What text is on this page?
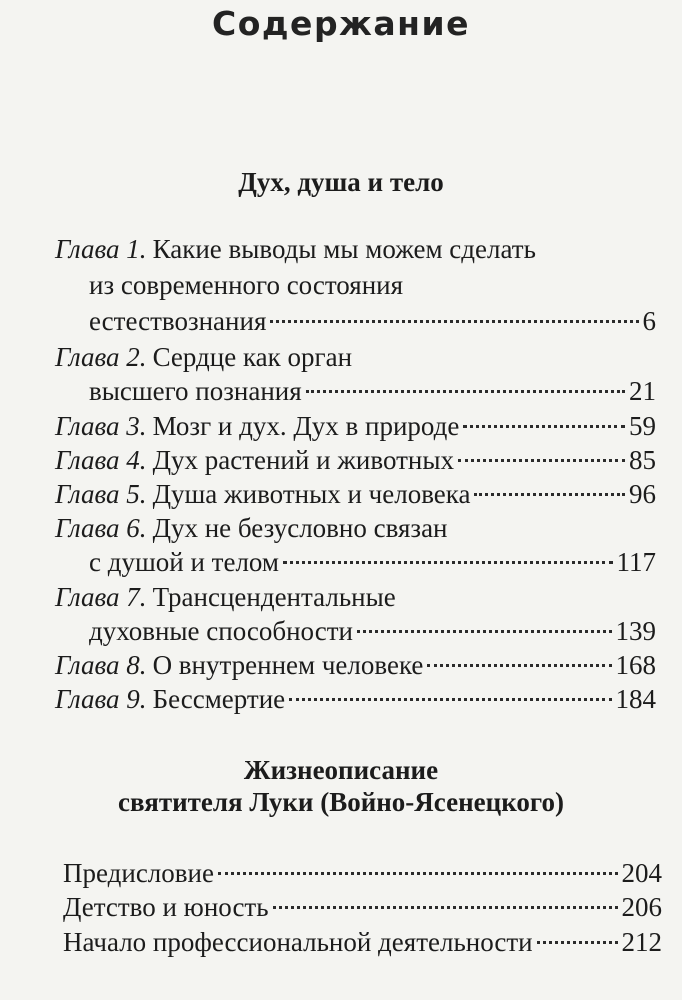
Содержание
Дух, душа и тело
Глава 1. Какие выводы мы можем сделать
из современного состояния
естествознания	6
Глава 2. Сердце как орган
высшего познания	21
Глава 3. Мозг и дух. Дух в природе	59
Глава 4. Дух растений и животных	85
Глава 5. Душа животных и человека	96
Глава 6. Дух не безусловно связан
с душой и телом	117
Глава 7. Трансцендентальные
духовные способности	139
Глава 8. О внутреннем человеке	168
Глава 9. Бессмертие	184
Жизнеописание
святителя Луки (Войно-Ясенецкого)
Предисловие	204
Детство и юность	206
Начало профессиональной деятельности	212
